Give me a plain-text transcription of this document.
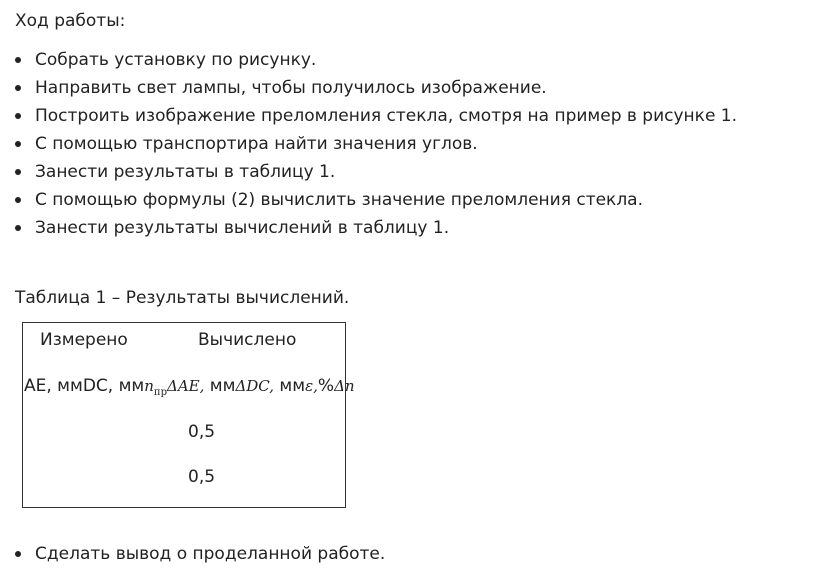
Ход работы:

Собрать установку по рисунку.
Направить свет лампы, чтобы получилось изображение.
Построить изображение преломления стекла, смотря на пример в рисунке 1.
С помощью транспортира найти значения углов.
Занести результаты в таблицу 1.
С помощью формулы (2) вычислить значение преломления стекла.
Занести результаты вычислений в таблицу 1.

Таблица 1 – Результаты вычислений.

Измерено	Вычислено
АЕ, ммDC, ммn$_{пр}$ΔAE, ммΔDC, ммε,%Δn
0,5
0,5
Сделать вывод о проделанной работе.
